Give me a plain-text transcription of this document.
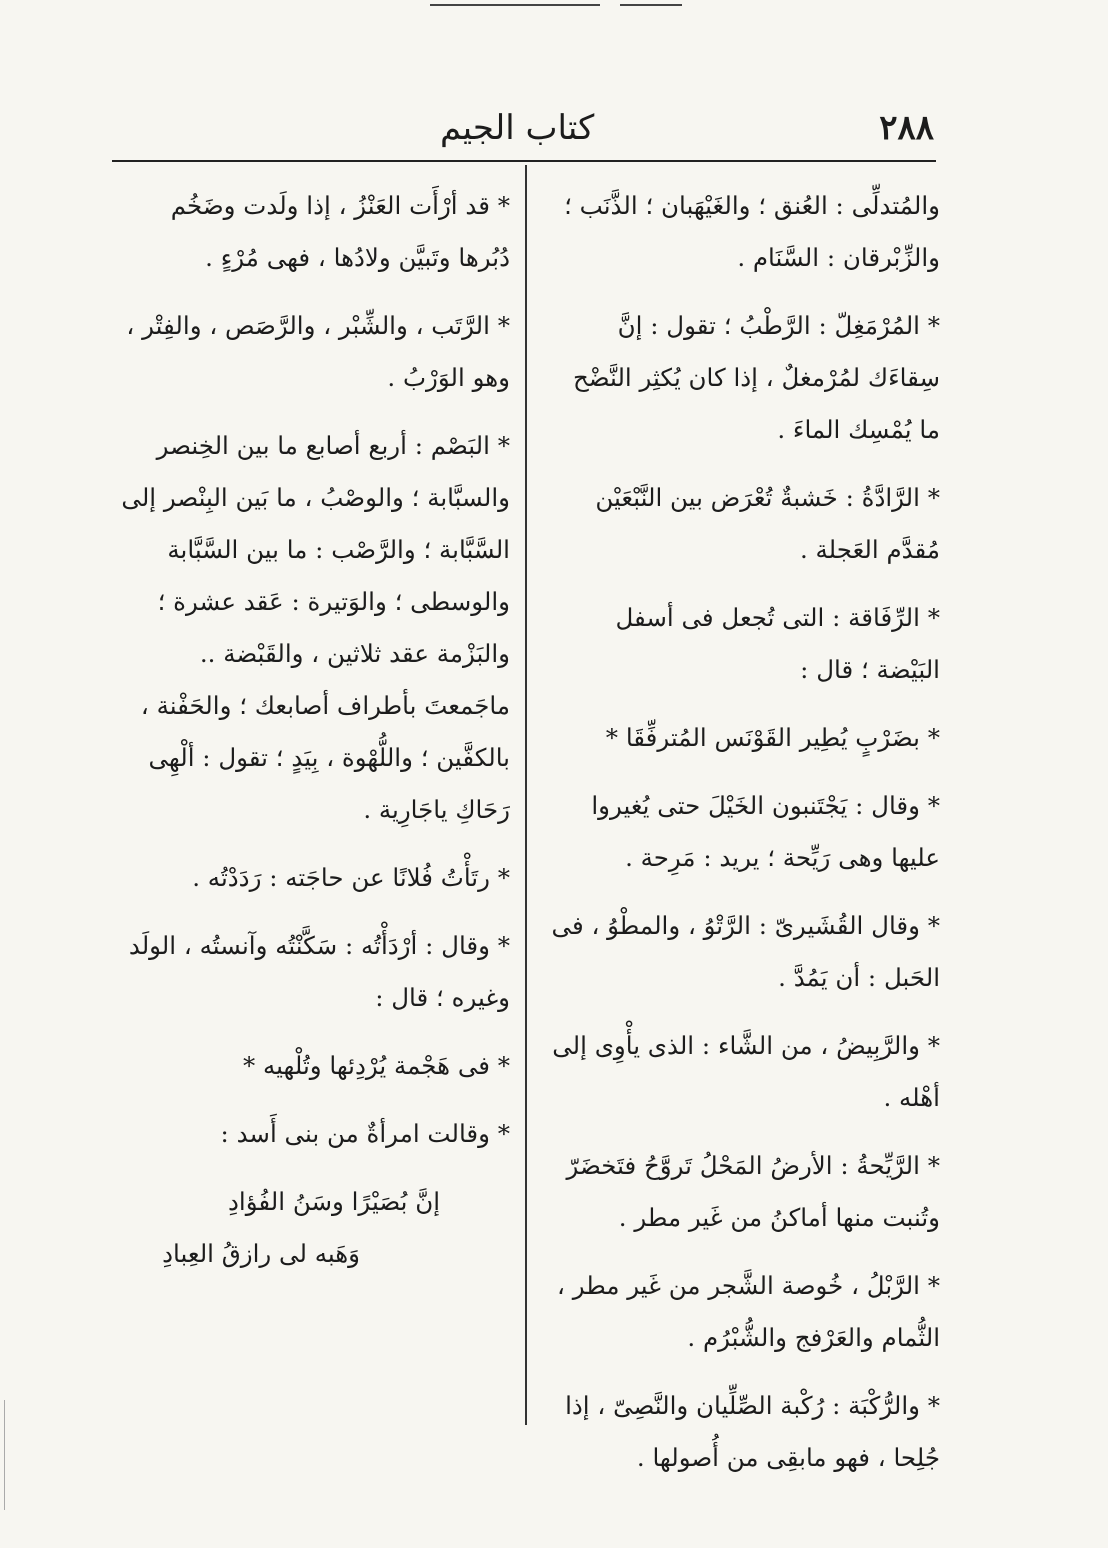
٢٨٨
كتاب الجيم

والمُتدلِّى : العُنق ؛ والغَيْهَبان ؛ الذَّنَب ؛ والزِّبْرقان : السَّنَام .

* المُرْمَغِلّ : الرَّطْبُ ؛ تقول : إنَّ سِقاءَك لمُرْمغلٌ ، إذا كان يُكثِر النَّضْح ما يُمْسِك الماءَ .

* الرَّادَّةُ : خَشبةٌ تُعْرَض بين النَّبْعَيْن مُقدَّم العَجلة .

* الرِّفَاقة : التى تُجعل فى أسفل البَيْضة ؛ قال :

* بضَرْبٍ يُطِير القَوْنَس المُترفِّقَا *

* وقال : يَجْتَنبون الخَيْلَ حتى يُغيروا عليها وهى رَيِّحة ؛ يريد : مَرِحة .

* وقال القُشَيرىّ : الرَّتْوُ ، والمطْوُ ، فى الحَبل : أن يَمُدَّ .

* والرَّبِيضُ ، من الشَّاء : الذى يأْوِى إلى أهْله .

* الرَّيِّحةُ : الأرضُ المَحْلُ تَروَّحُ فتَخضَرّ وتُنبت منها أماكنُ من غَير مطر .

* الرَّبْلُ ، خُوصة الشَّجر من غَير مطر ، الثُّمام والعَرْفج والشُّبْرُم .

* والرُّكْبَة : رُكْبة الصِّلِّيان والنَّصِىّ ، إذا جُلِحا ، فهو مابقِى من أُصولها .

* قد أرْأَت العَنْزُ ، إذا ولَدت وضَخُم دُبُرها وتَبيَّن ولادُها ، فهى مُرْءٍ .

* الرَّتَب ، والشِّبْر ، والرَّصَص ، والفِتْر ، وهو الوَرْبُ .

* البَصْم : أربع أصابع ما بين الخِنصر والسبَّابة ؛ والوصْبُ ، ما بَين البِنْصر إلى السَّبَّابة ؛ والرَّصْب : ما بين السَّبَّابة والوسطى ؛ والوَتيرة : عَقد عشرة ؛ والبَزْمة عقد ثلاثين ، والقَبْضة .. ماجَمعتَ بأطراف أصابعك ؛ والحَفْنة ، بالكفَّين ؛ واللُّهْوة ، بِيَدٍ ؛ تقول : ألْهِى رَحَاكِ ياجَارِية .

* رتَأْتُ فُلانًا عن حاجَته : رَدَدْتُه .

* وقال : أرْدَأْتُه : سَكَّنْتُه وآنستُه ، الولَد وغيره ؛ قال :

* فى هَجْمة يُرْدِئها وتُلْهيه *

* وقالت امرأةٌ من بنى أَسد :

إنَّ بُصَيْرًا وسَنُ الفُؤادِ

وَهَبه لى رازقُ العِبادِ
